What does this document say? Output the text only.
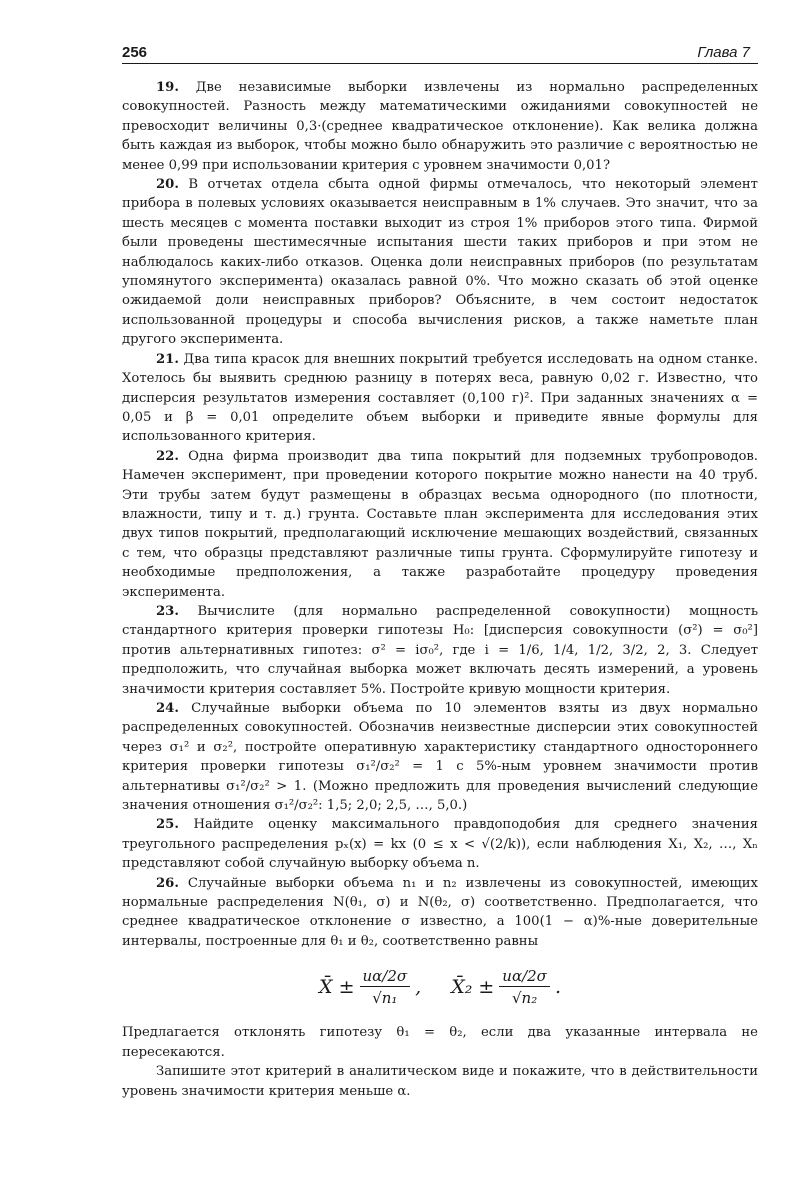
256	Глава 7

19. Две независимые выборки извлечены из нормально распределенных совокупностей. Разность между математическими ожиданиями совокупностей не превосходит величины 0,3·(среднее квадратическое отклонение). Как велика должна быть каждая из выборок, чтобы можно было обнаружить это различие с вероятностью не менее 0,99 при использовании критерия с уровнем значимости 0,01?

20. В отчетах отдела сбыта одной фирмы отмечалось, что некоторый элемент прибора в полевых условиях оказывается неисправным в 1% случаев. Это значит, что за шесть месяцев с момента поставки выходит из строя 1% приборов этого типа. Фирмой были проведены шестимесячные испытания шести таких приборов и при этом не наблюдалось каких-либо отказов. Оценка доли неисправных приборов (по результатам упомянутого эксперимента) оказалась равной 0%. Что можно сказать об этой оценке ожидаемой доли неисправных приборов? Объясните, в чем состоит недостаток использованной процедуры и способа вычисления рисков, а также наметьте план другого эксперимента.

21. Два типа красок для внешних покрытий требуется исследовать на одном станке. Хотелось бы выявить среднюю разницу в потерях веса, равную 0,02 г. Известно, что дисперсия результатов измерения составляет (0,100 г)². При заданных значениях α = 0,05 и β = 0,01 определите объем выборки и приведите явные формулы для использованного критерия.

22. Одна фирма производит два типа покрытий для подземных трубопроводов. Намечен эксперимент, при проведении которого покрытие можно нанести на 40 труб. Эти трубы затем будут размещены в образцах весьма однородного (по плотности, влажности, типу и т. д.) грунта. Составьте план эксперимента для исследования этих двух типов покрытий, предполагающий исключение мешающих воздействий, связанных с тем, что образцы представляют различные типы грунта. Сформулируйте гипотезу и необходимые предположения, а также разработайте процедуру проведения эксперимента.

23. Вычислите (для нормально распределенной совокупности) мощность стандартного критерия проверки гипотезы H₀: [дисперсия совокупности (σ²) = σ₀²] против альтернативных гипотез: σ² = iσ₀², где i = 1/6, 1/4, 1/2, 3/2, 2, 3. Следует предположить, что случайная выборка может включать десять измерений, а уровень значимости критерия составляет 5%. Постройте кривую мощности критерия.

24. Случайные выборки объема по 10 элементов взяты из двух нормально распределенных совокупностей. Обозначив неизвестные дисперсии этих совокупностей через σ₁² и σ₂², постройте оперативную характеристику стандартного одностороннего критерия проверки гипотезы σ₁²/σ₂² = 1 с 5%-ным уровнем значимости против альтернативы σ₁²/σ₂² > 1. (Можно предложить для проведения вычислений следующие значения отношения σ₁²/σ₂²: 1,5; 2,0; 2,5, …, 5,0.)

25. Найдите оценку максимального правдоподобия для среднего значения треугольного распределения pₓ(x) = kx (0 ≤ x < √(2/k)), если наблюдения X₁, X₂, …, Xₙ представляют собой случайную выборку объема n.

26. Случайные выборки объема n₁ и n₂ извлечены из совокупностей, имеющих нормальные распределения N(θ₁, σ) и N(θ₂, σ) соответственно. Предполагается, что среднее квадратическое отклонение σ известно, а 100(1 − α)%-ные доверительные интервалы, построенные для θ₁ и θ₂, соответственно равны

X̄ ± $\frac{u\alpha/2\sigma}{\text{√n₁}}$ , X̄₂ ± $\frac{u\alpha/2\sigma}{\text{√n₂}}$ .

Предлагается отклонять гипотезу θ₁ = θ₂, если два указанные интервала не пересекаются.

Запишите этот критерий в аналитическом виде и покажите, что в действительности уровень значимости критерия меньше α.
